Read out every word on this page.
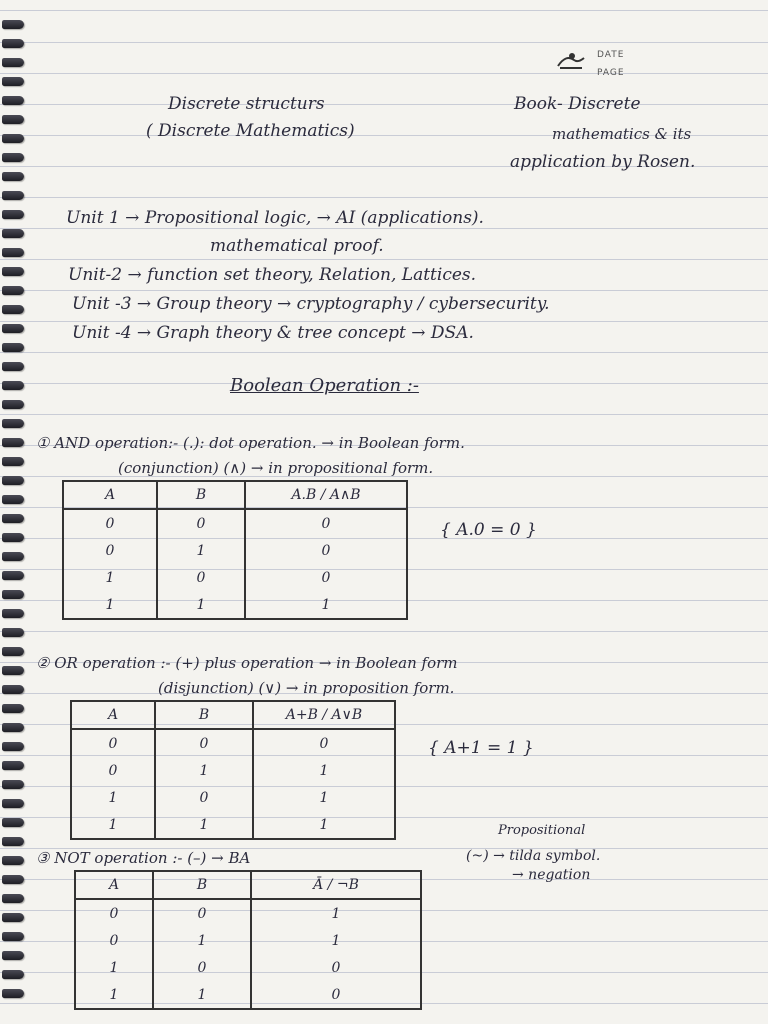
DATE
PAGE
Discrete structurs
( Discrete Mathematics)
Book- Discrete
mathematics & its
application by Rosen.
Unit 1 → Propositional logic, → AI (applications).
mathematical proof.
Unit-2 → function set theory, Relation, Lattices.
Unit -3 → Group theory → cryptography / cybersecurity.
Unit -4 → Graph theory & tree concept → DSA.
Boolean Operation :-
① AND operation:- (.): dot operation. → in Boolean form.
(conjunction) (∧) → in propositional form.
A	B	A.B / A∧B
0	0	0
0	1	0
1	0	0
1	1	1
{ A.0 = 0 }
② OR operation :- (+) plus operation → in Boolean form
(disjunction) (∨) → in proposition form.
A	B	A+B / A∨B
0	0	0
0	1	1
1	0	1
1	1	1
{ A+1 = 1 }
③ NOT operation :- (–) → BA
Propositional
(~) → tilda symbol.
→ negation
A	B	Ā / ¬B
0	0	1
0	1	1
1	0	0
1	1	0
